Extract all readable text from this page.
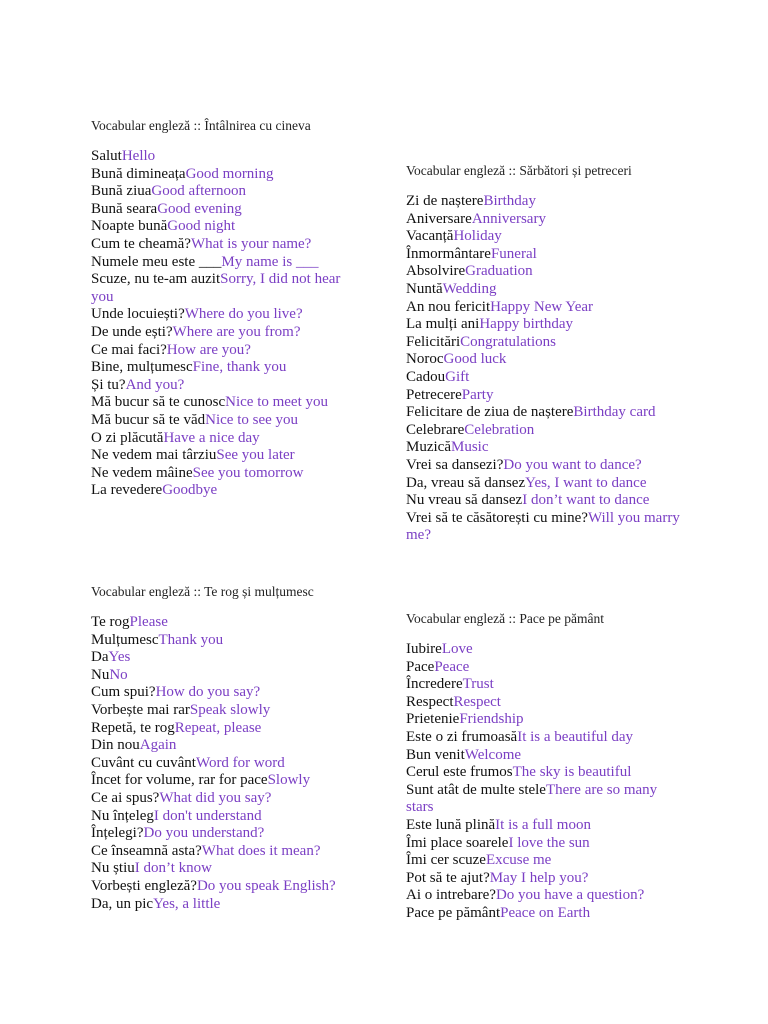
Vocabular engleză :: Întâlnirea cu cineva
SalutHello
Bună dimineațaGood morning
Bună ziuaGood afternoon
Bună searaGood evening
Noapte bunăGood night
Cum te cheamă?What is your name?
Numele meu este ___My name is ___
Scuze, nu te-am auzitSorry, I did not hear you
Unde locuiești?Where do you live?
De unde ești?Where are you from?
Ce mai faci?How are you?
Bine, mulțumescFine, thank you
Și tu?And you?
Mă bucur să te cunoscNice to meet you
Mă bucur să te vădNice to see you
O zi plăcutăHave a nice day
Ne vedem mai târziuSee you later
Ne vedem mâineSee you tomorrow
La revedereGoodbye
Vocabular engleză :: Sărbători și petreceri
Zi de naștereBirthday
AniversareAnniversary
VacanțăHoliday
ÎnmormântareFuneral
AbsolvireGraduation
NuntăWedding
An nou fericitHappy New Year
La mulți aniHappy birthday
FelicităriCongratulations
NorocGood luck
CadouGift
PetrecereParty
Felicitare de ziua de naștereBirthday card
CelebrareCelebration
MuzicăMusic
Vrei sa dansezi?Do you want to dance?
Da, vreau să dansezYes, I want to dance
Nu vreau să dansezI don’t want to dance
Vrei să te căsătorești cu mine?Will you marry me?
Vocabular engleză :: Te rog și mulțumesc
Te rogPlease
MulțumescThank you
DaYes
NuNo
Cum spui?How do you say?
Vorbește mai rarSpeak slowly
Repetă, te rogRepeat, please
Din nouAgain
Cuvânt cu cuvântWord for word
Încet for volume, rar for paceSlowly
Ce ai spus?What did you say?
Nu înțelegI don't understand
Înțelegi?Do you understand?
Ce înseamnă asta?What does it mean?
Nu știuI don’t know
Vorbești engleză?Do you speak English?
Da, un picYes, a little
Vocabular engleză :: Pace pe pământ
IubireLove
PacePeace
ÎncredereTrust
RespectRespect
PrietenieFriendship
Este o zi frumoasăIt is a beautiful day
Bun venitWelcome
Cerul este frumosThe sky is beautiful
Sunt atât de multe steleThere are so many stars
Este lună plinăIt is a full moon
Îmi place soareleI love the sun
Îmi cer scuzeExcuse me
Pot să te ajut?May I help you?
Ai o intrebare?Do you have a question?
Pace pe pământPeace on Earth
